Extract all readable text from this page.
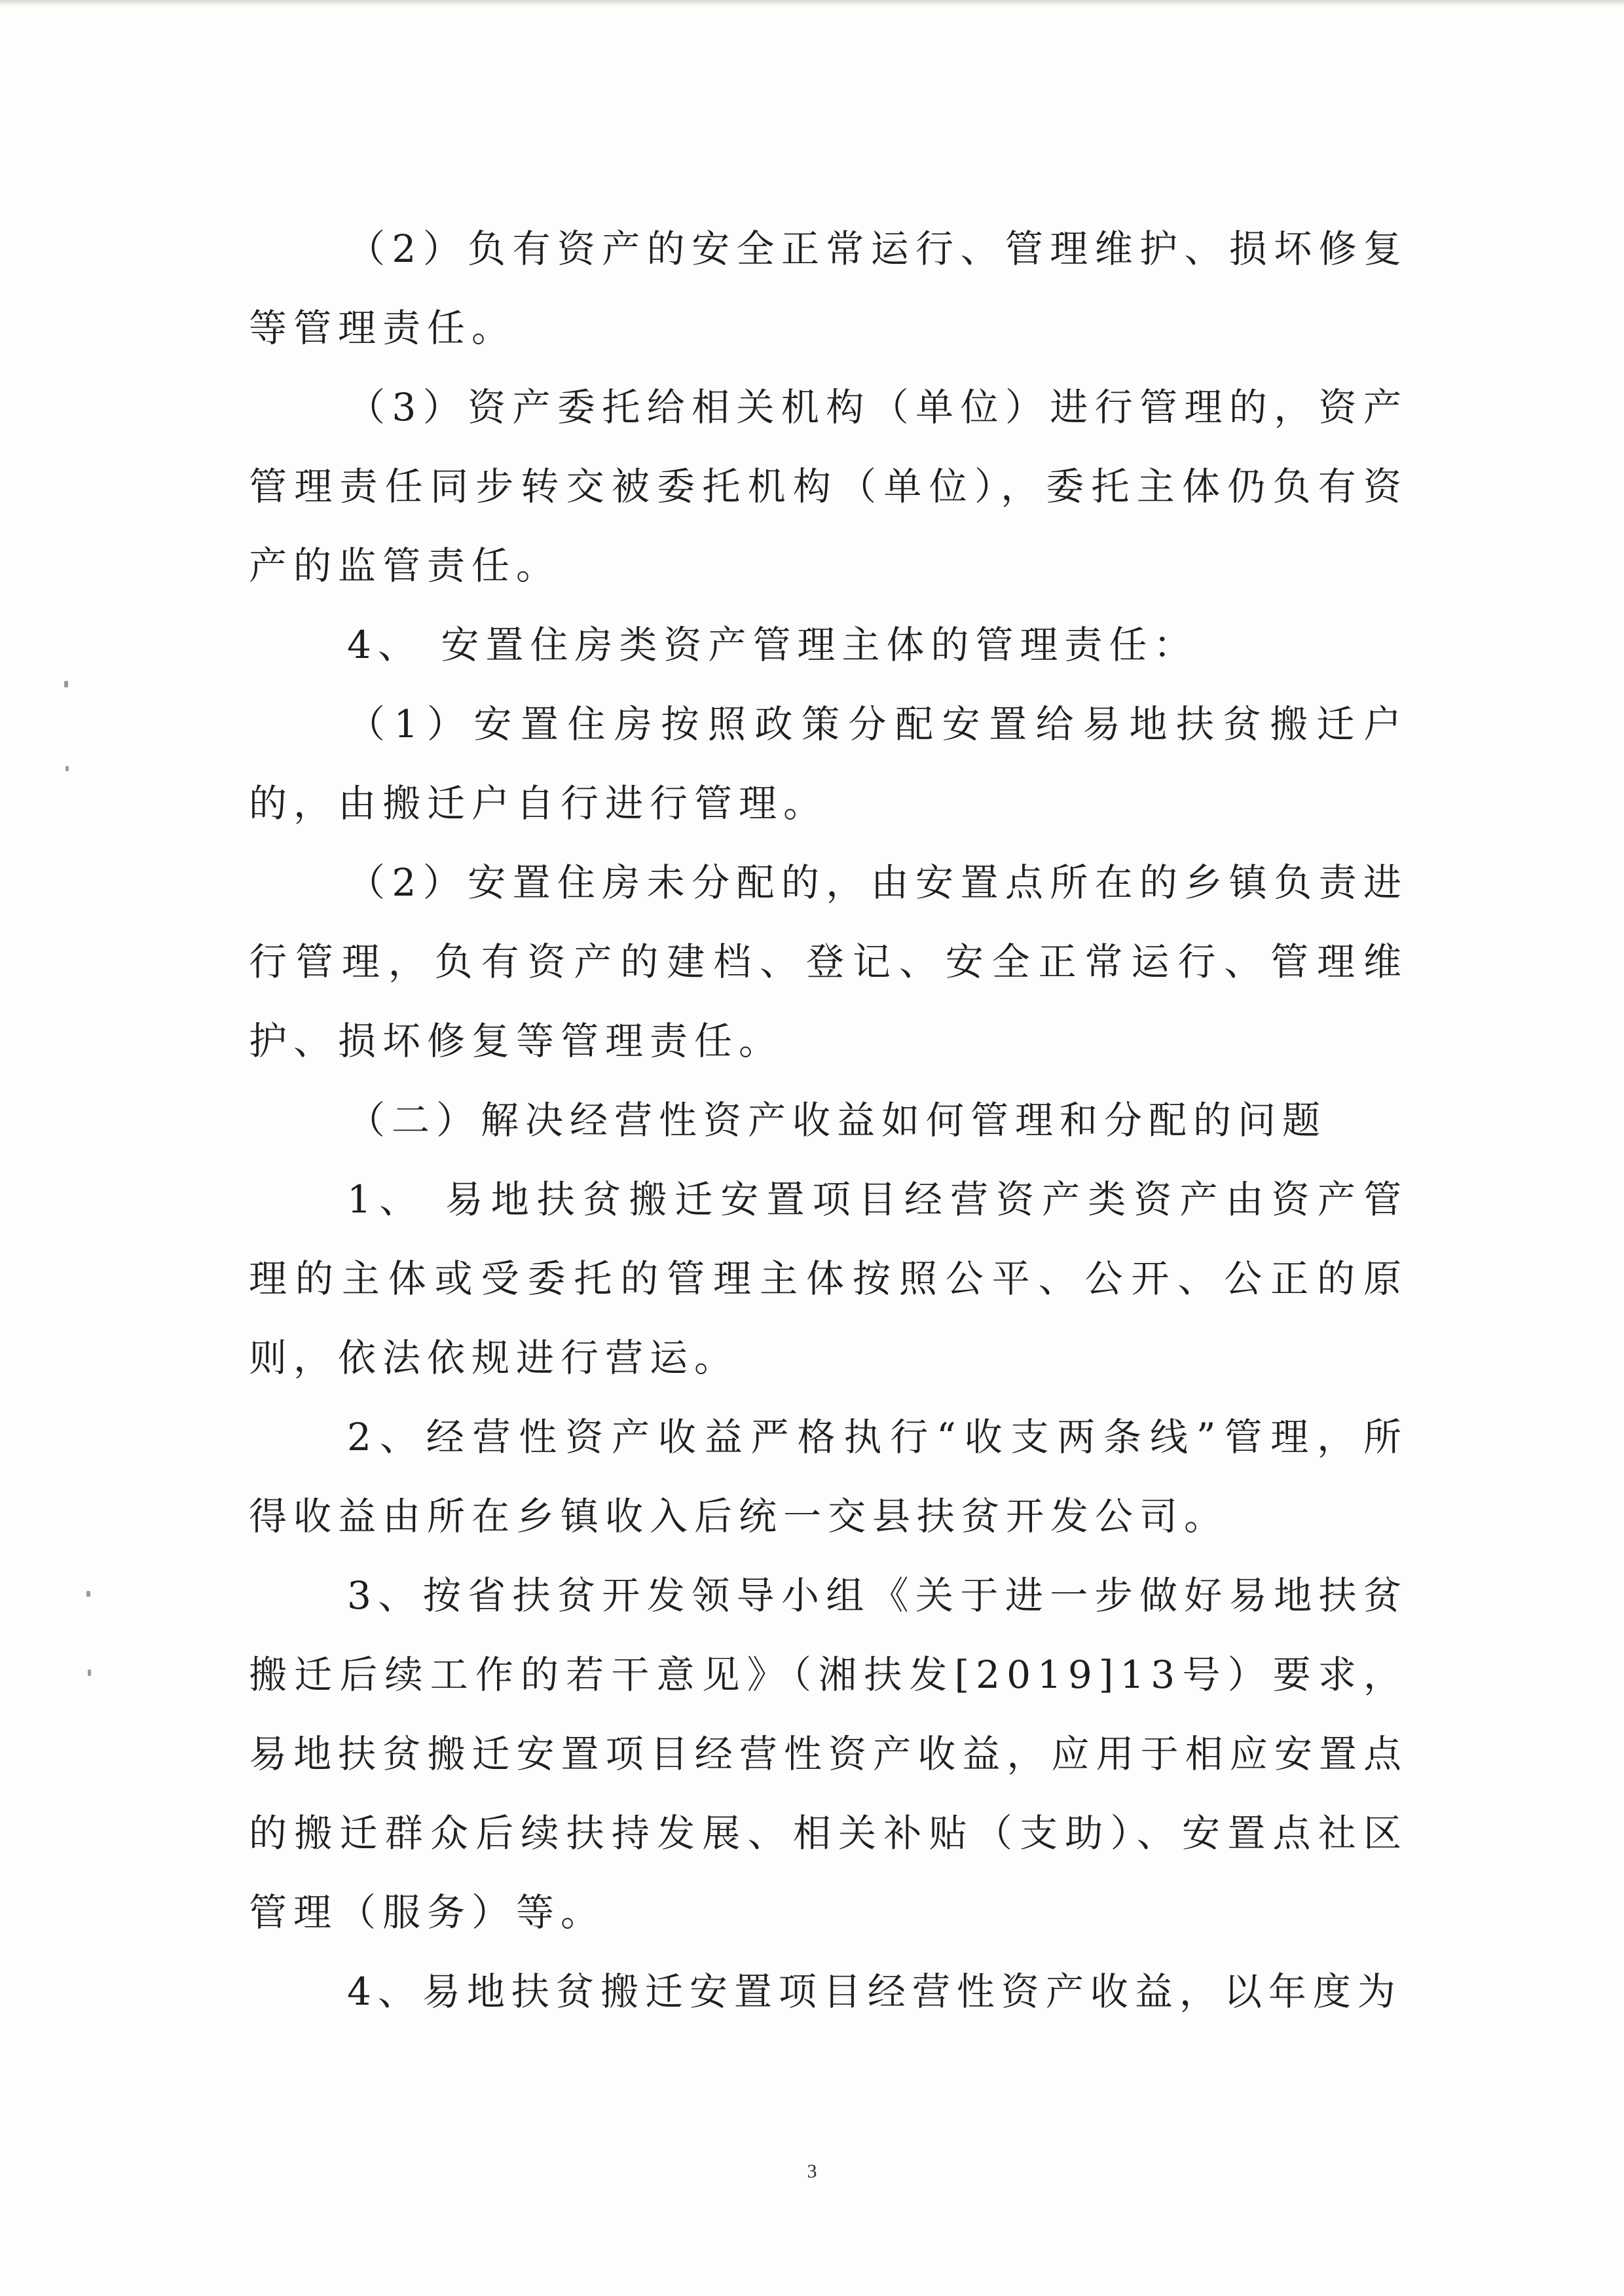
（2）负有资产的安全正常运行、管理维护、损坏修复等管理责任。

（3）资产委托给相关机构（单位）进行管理的，资产管理责任同步转交被委托机构（单位），委托主体仍负有资产的监管责任。

4、 安置住房类资产管理主体的管理责任：

（1）安置住房按照政策分配安置给易地扶贫搬迁户的，由搬迁户自行进行管理。

（2）安置住房未分配的，由安置点所在的乡镇负责进行管理，负有资产的建档、登记、安全正常运行、管理维护、损坏修复等管理责任。

（二）解决经营性资产收益如何管理和分配的问题

1、 易地扶贫搬迁安置项目经营资产类资产由资产管理的主体或受委托的管理主体按照公平、公开、公正的原则，依法依规进行营运。

2、经营性资产收益严格执行“收支两条线”管理，所得收益由所在乡镇收入后统一交县扶贫开发公司。

3、按省扶贫开发领导小组《关于进一步做好易地扶贫搬迁后续工作的若干意见》（湘扶发[2019]13号）要求，易地扶贫搬迁安置项目经营性资产收益，应用于相应安置点的搬迁群众后续扶持发展、相关补贴（支助）、安置点社区管理（服务）等。

4、易地扶贫搬迁安置项目经营性资产收益，以年度为

3
